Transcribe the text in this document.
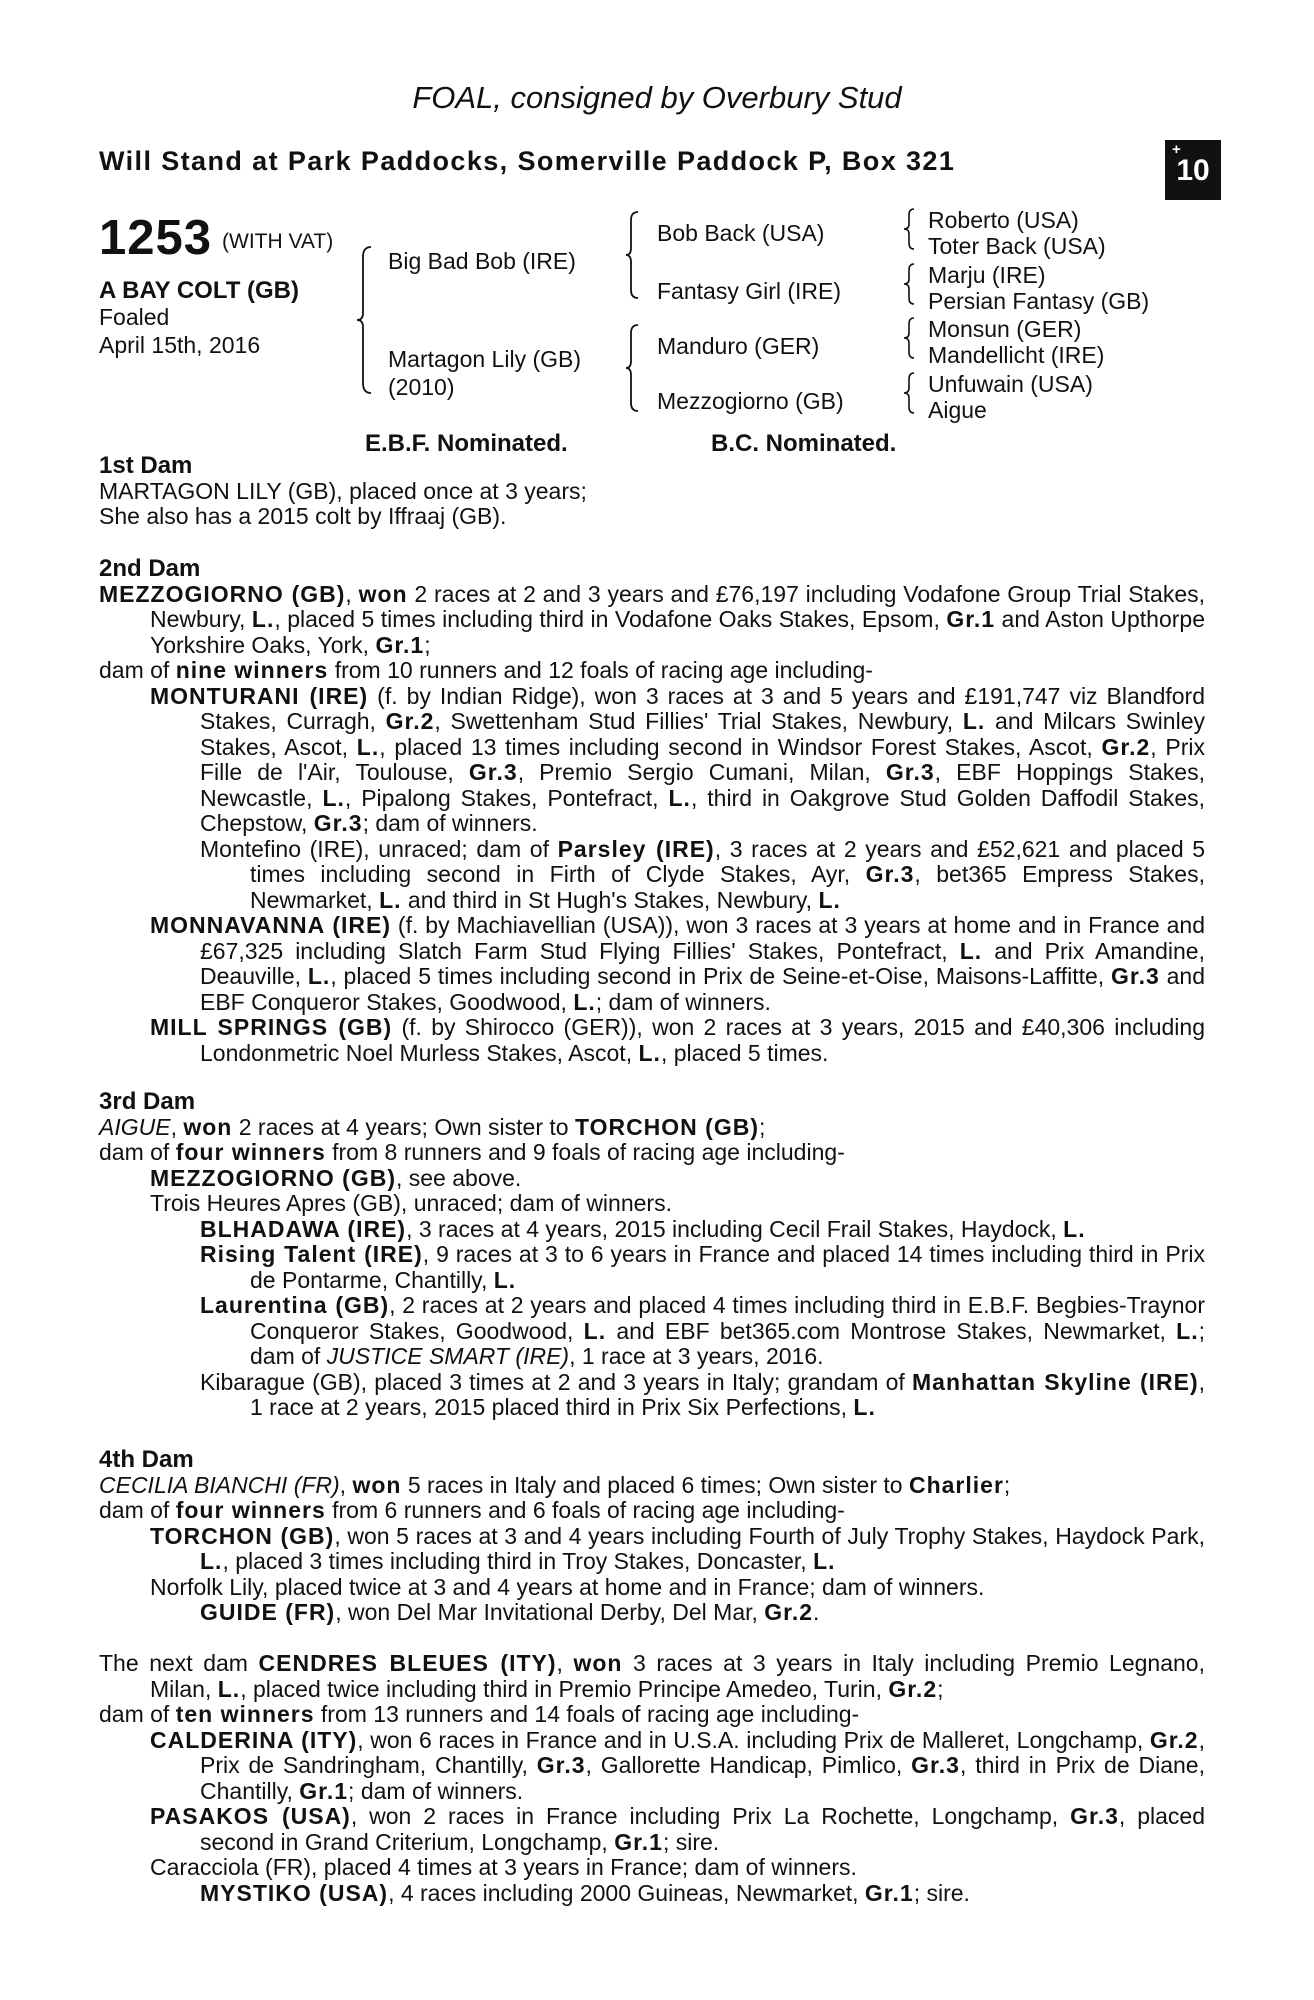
FOAL, consigned by Overbury Stud
Will Stand at Park Paddocks, Somerville Paddock P, Box 321	+
10
1253 (WITH VAT)
A BAY COLT (GB)
Foaled
April 15th, 2016
Big Bad Bob (IRE)
Martagon Lily (GB)
(2010)
Bob Back (USA)
Fantasy Girl (IRE)
Manduro (GER)
Mezzogiorno (GB)
Roberto (USA)
Toter Back (USA)
Marju (IRE)
Persian Fantasy (GB)
Monsun (GER)
Mandellicht (IRE)
Unfuwain (USA)
Aigue
E.B.F. Nominated.	B.C. Nominated.

1st Dam

MARTAGON LILY (GB), placed once at 3 years;

She also has a 2015 colt by Iffraaj (GB).

2nd Dam

MEZZOGIORNO (GB), won 2 races at 2 and 3 years and £76,197 including Vodafone Group Trial Stakes, Newbury, L., placed 5 times including third in Vodafone Oaks Stakes, Epsom, Gr.1 and Aston Upthorpe Yorkshire Oaks, York, Gr.1;

dam of nine winners from 10 runners and 12 foals of racing age including-

MONTURANI (IRE) (f. by Indian Ridge), won 3 races at 3 and 5 years and £191,747 viz Blandford Stakes, Curragh, Gr.2, Swettenham Stud Fillies' Trial Stakes, Newbury, L. and Milcars Swinley Stakes, Ascot, L., placed 13 times including second in Windsor Forest Stakes, Ascot, Gr.2, Prix Fille de l'Air, Toulouse, Gr.3, Premio Sergio Cumani, Milan, Gr.3, EBF Hoppings Stakes, Newcastle, L., Pipalong Stakes, Pontefract, L., third in Oakgrove Stud Golden Daffodil Stakes, Chepstow, Gr.3; dam of winners.

Montefino (IRE), unraced; dam of Parsley (IRE), 3 races at 2 years and £52,621 and placed 5 times including second in Firth of Clyde Stakes, Ayr, Gr.3, bet365 Empress Stakes, Newmarket, L. and third in St Hugh's Stakes, Newbury, L.

MONNAVANNA (IRE) (f. by Machiavellian (USA)), won 3 races at 3 years at home and in France and £67,325 including Slatch Farm Stud Flying Fillies' Stakes, Pontefract, L. and Prix Amandine, Deauville, L., placed 5 times including second in Prix de Seine-et-Oise, Maisons-Laffitte, Gr.3 and EBF Conqueror Stakes, Goodwood, L.; dam of winners.

MILL SPRINGS (GB) (f. by Shirocco (GER)), won 2 races at 3 years, 2015 and £40,306 including Londonmetric Noel Murless Stakes, Ascot, L., placed 5 times.

3rd Dam

AIGUE, won 2 races at 4 years; Own sister to TORCHON (GB);

dam of four winners from 8 runners and 9 foals of racing age including-

MEZZOGIORNO (GB), see above.

Trois Heures Apres (GB), unraced; dam of winners.

BLHADAWA (IRE), 3 races at 4 years, 2015 including Cecil Frail Stakes, Haydock, L.

Rising Talent (IRE), 9 races at 3 to 6 years in France and placed 14 times including third in Prix de Pontarme, Chantilly, L.

Laurentina (GB), 2 races at 2 years and placed 4 times including third in E.B.F. Begbies-Traynor Conqueror Stakes, Goodwood, L. and EBF bet365.com Montrose Stakes, Newmarket, L.; dam of JUSTICE SMART (IRE), 1 race at 3 years, 2016.

Kibarague (GB), placed 3 times at 2 and 3 years in Italy; grandam of Manhattan Skyline (IRE), 1 race at 2 years, 2015 placed third in Prix Six Perfections, L.

4th Dam

CECILIA BIANCHI (FR), won 5 races in Italy and placed 6 times; Own sister to Charlier;

dam of four winners from 6 runners and 6 foals of racing age including-

TORCHON (GB), won 5 races at 3 and 4 years including Fourth of July Trophy Stakes, Haydock Park, L., placed 3 times including third in Troy Stakes, Doncaster, L.

Norfolk Lily, placed twice at 3 and 4 years at home and in France; dam of winners.

GUIDE (FR), won Del Mar Invitational Derby, Del Mar, Gr.2.

The next dam CENDRES BLEUES (ITY), won 3 races at 3 years in Italy including Premio Legnano, Milan, L., placed twice including third in Premio Principe Amedeo, Turin, Gr.2;

dam of ten winners from 13 runners and 14 foals of racing age including-

CALDERINA (ITY), won 6 races in France and in U.S.A. including Prix de Malleret, Longchamp, Gr.2, Prix de Sandringham, Chantilly, Gr.3, Gallorette Handicap, Pimlico, Gr.3, third in Prix de Diane, Chantilly, Gr.1; dam of winners.

PASAKOS (USA), won 2 races in France including Prix La Rochette, Longchamp, Gr.3, placed second in Grand Criterium, Longchamp, Gr.1; sire.

Caracciola (FR), placed 4 times at 3 years in France; dam of winners.

MYSTIKO (USA), 4 races including 2000 Guineas, Newmarket, Gr.1; sire.
